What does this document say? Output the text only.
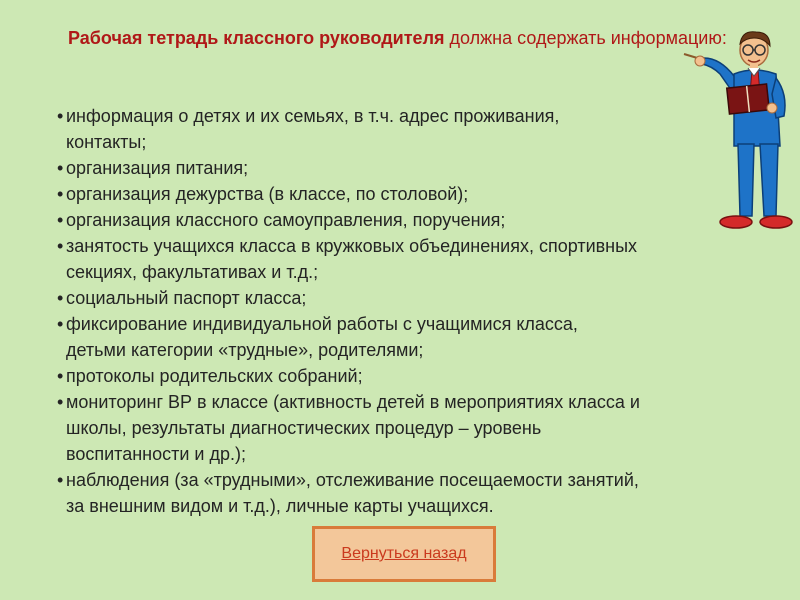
Рабочая тетрадь классного руководителя должна содержать информацию:
• информация о детях и их семьях, в т.ч. адрес проживания,
контакты;
• организация питания;
• организация дежурства (в классе, по столовой);
• организация классного самоуправления, поручения;
• занятость учащихся класса в кружковых объединениях, спортивных
секциях, факультативах и т.д.;
• социальный паспорт класса;
• фиксирование индивидуальной работы с учащимися класса,
детьми категории «трудные», родителями;
• протоколы родительских собраний;
• мониторинг ВР в классе (активность детей в мероприятиях класса и
школы, результаты диагностических процедур – уровень
воспитанности и др.);
• наблюдения (за «трудными», отслеживание посещаемости занятий,
за внешним видом и т.д.), личные карты учащихся.
Вернуться назад
